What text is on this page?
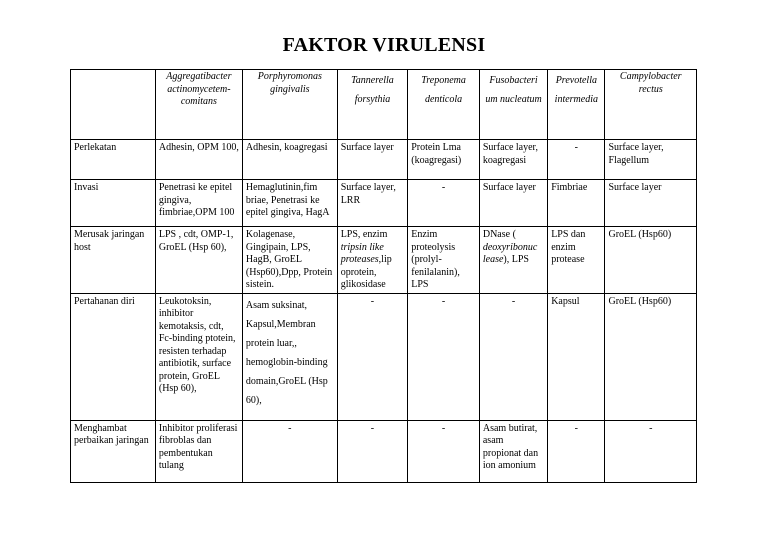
FAKTOR VIRULENSI
	Aggregatibacter actinomycetem-comitans	Porphyromonas gingivalis	Tannerella forsythia	Treponema denticola	Fusobacteri um nucleatum	Prevotella intermedia	Campylobacter rectus
Perlekatan	Adhesin, OPM 100,	Adhesin, koagregasi	Surface layer	Protein Lma (koagregasi)	Surface layer, koagregasi	-	Surface layer, Flagellum
Invasi	Penetrasi ke epitel gingiva, fimbriae,OPM 100	Hemaglutinin,fim briae, Penetrasi ke epitel gingiva, HagA	Surface layer, LRR	-	Surface layer	Fimbriae	Surface layer
Merusak jaringan host	LPS , cdt, OMP-1, GroEL (Hsp 60),	Kolagenase, Gingipain, LPS, HagB, GroEL (Hsp60),Dpp, Protein sistein.	LPS, enzim tripsin like proteases,lip oprotein, glikosidase	Enzim proteolysis (prolyl-fenilalanin), LPS	DNase ( deoxyribonuc lease), LPS	LPS dan enzim protease	GroEL (Hsp60)
Pertahanan diri	Leukotoksin, inhibitor kemotaksis, cdt, Fc-binding ptotein, resisten terhadap antibiotik, surface protein, GroEL (Hsp 60),	Asam suksinat, Kapsul,Membran protein luar,, hemoglobin-binding domain,GroEL (Hsp 60),	-	-	-	Kapsul	GroEL (Hsp60)
Menghambat perbaikan jaringan	Inhibitor proliferasi fibroblas dan pembentukan tulang	-	-	-	Asam butirat, asam propionat dan ion amonium	-	-
